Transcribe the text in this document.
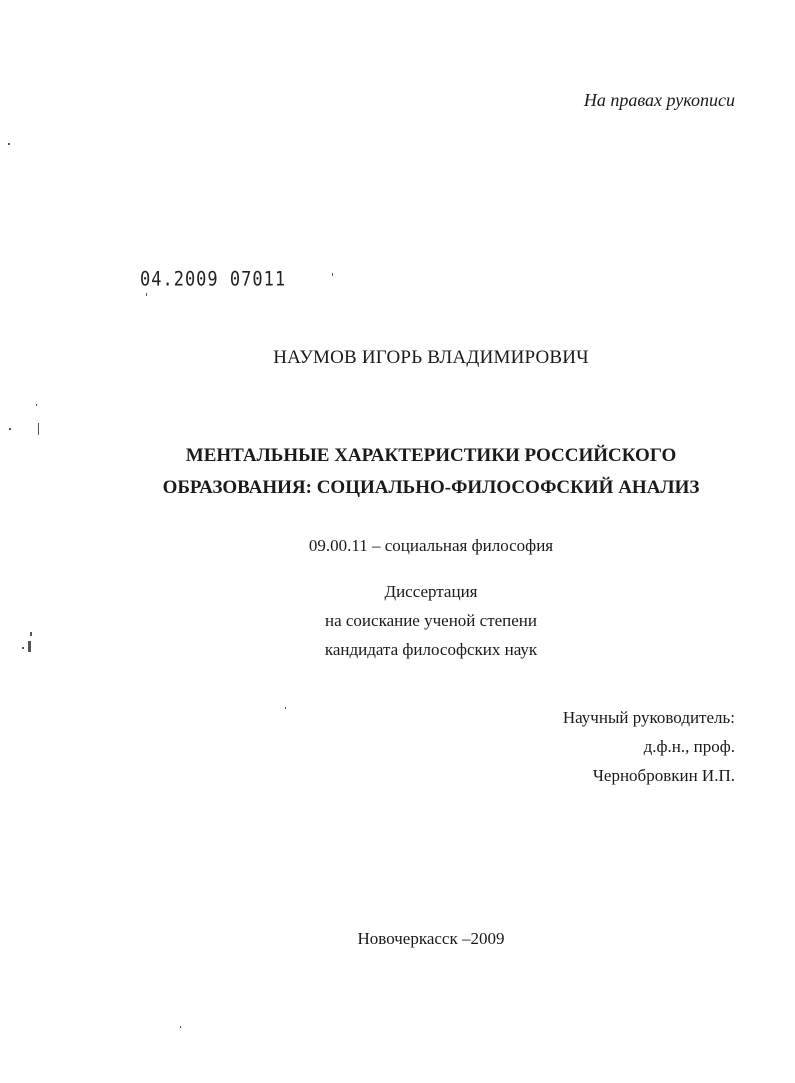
На правах рукописи
04.2009 07011
НАУМОВ ИГОРЬ ВЛАДИМИРОВИЧ
МЕНТАЛЬНЫЕ ХАРАКТЕРИСТИКИ РОССИЙСКОГО
ОБРАЗОВАНИЯ: СОЦИАЛЬНО-ФИЛОСОФСКИЙ АНАЛИЗ
09.00.11 – социальная философия
Диссертация
на соискание ученой степени
кандидата философских наук
Научный руководитель:
д.ф.н., проф.
Чернобровкин И.П.
Новочеркасск –2009
